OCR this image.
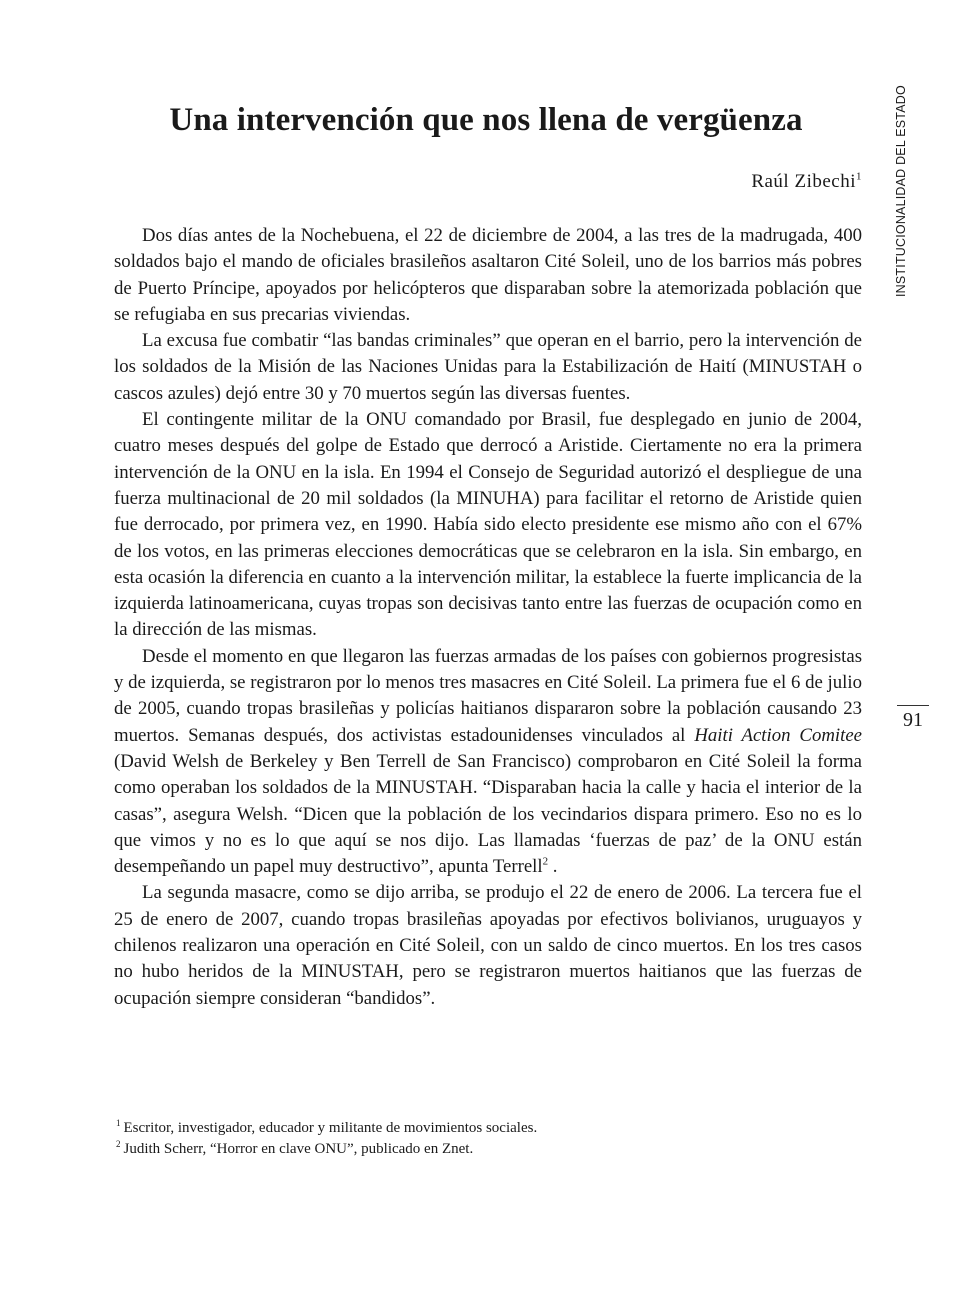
Una intervención que nos llena de vergüenza
Raúl Zibechi$^1$	INSTITUCIONALIDAD DEL ESTADO
91

Dos días antes de la Nochebuena, el 22 de diciembre de 2004, a las tres de la madrugada, 400 soldados bajo el mando de oficiales brasileños asaltaron Cité Soleil, uno de los barrios más pobres de Puerto Príncipe, apoyados por helicópteros que disparaban sobre la atemorizada población que se refugiaba en sus precarias viviendas.

La excusa fue combatir “las bandas criminales” que operan en el barrio, pero la intervención de los soldados de la Misión de las Naciones Unidas para la Estabilización de Haití (MINUSTAH o cascos azules) dejó entre 30 y 70 muertos según las diversas fuentes.

El contingente militar de la ONU comandado por Brasil, fue desplegado en junio de 2004, cuatro meses después del golpe de Estado que derrocó a Aristide. Ciertamente no era la primera intervención de la ONU en la isla. En 1994 el Consejo de Seguridad autorizó el despliegue de una fuerza multinacional de 20 mil soldados (la MINUHA) para facilitar el retorno de Aristide quien fue derrocado, por primera vez, en 1990. Había sido electo presidente ese mismo año con el 67% de los votos, en las primeras elecciones democráticas que se celebraron en la isla. Sin embargo, en esta ocasión la diferencia en cuanto a la intervención militar, la establece la fuerte implicancia de la izquierda latinoamericana, cuyas tropas son decisivas tanto entre las fuerzas de ocupación como en la dirección de las mismas.

Desde el momento en que llegaron las fuerzas armadas de los países con gobiernos progresistas y de izquierda, se registraron por lo menos tres masacres en Cité Soleil. La primera fue el 6 de julio de 2005, cuando tropas brasileñas y policías haitianos dispararon sobre la población causando 23 muertos. Semanas después, dos activistas estadounidenses vinculados al Haiti Action Comitee (David Welsh de Berkeley y Ben Terrell de San Francisco) comprobaron en Cité Soleil la forma como operaban los soldados de la MINUSTAH. “Disparaban hacia la calle y hacia el interior de la casas”, asegura Welsh. “Dicen que la población de los vecindarios dispara primero. Eso no es lo que vimos y no es lo que aquí se nos dijo. Las llamadas ‘fuerzas de paz’ de la ONU están desempeñando un papel muy destructivo”, apunta Terrell$^2$ .

La segunda masacre, como se dijo arriba, se produjo el 22 de enero de 2006. La tercera fue el 25 de enero de 2007, cuando tropas brasileñas apoyadas por efectivos bolivianos, uruguayos y chilenos realizaron una operación en Cité Soleil, con un saldo de cinco muertos. En los tres casos no hubo heridos de la MINUSTAH, pero se registraron muertos haitianos que las fuerzas de ocupación siempre consideran “bandidos”.

$^1$ Escritor, investigador, educador y militante de movimientos sociales.

$^2$ Judith Scherr, “Horror en clave ONU”, publicado en Znet.
